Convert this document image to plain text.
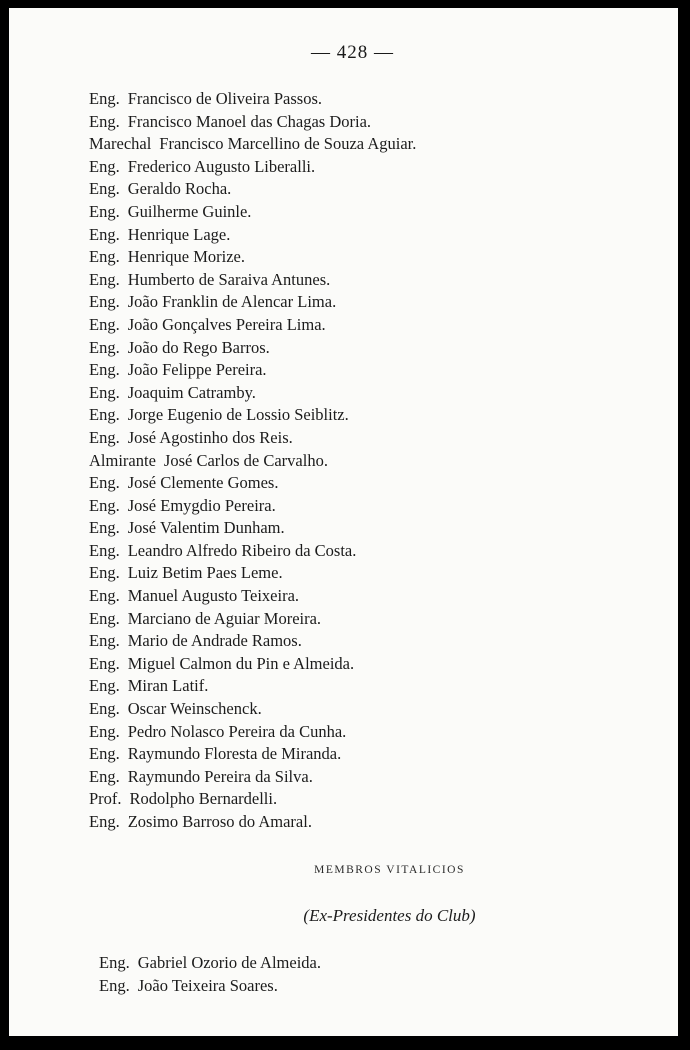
— 428 —
Eng. Francisco de Oliveira Passos.
Eng. Francisco Manoel das Chagas Doria.
Marechal Francisco Marcellino de Souza Aguiar.
Eng. Frederico Augusto Liberalli.
Eng. Geraldo Rocha.
Eng. Guilherme Guinle.
Eng. Henrique Lage.
Eng. Henrique Morize.
Eng. Humberto de Saraiva Antunes.
Eng. João Franklin de Alencar Lima.
Eng. João Gonçalves Pereira Lima.
Eng. João do Rego Barros.
Eng. João Felippe Pereira.
Eng. Joaquim Catramby.
Eng. Jorge Eugenio de Lossio Seiblitz.
Eng. José Agostinho dos Reis.
Almirante José Carlos de Carvalho.
Eng. José Clemente Gomes.
Eng. José Emygdio Pereira.
Eng. José Valentim Dunham.
Eng. Leandro Alfredo Ribeiro da Costa.
Eng. Luiz Betim Paes Leme.
Eng. Manuel Augusto Teixeira.
Eng. Marciano de Aguiar Moreira.
Eng. Mario de Andrade Ramos.
Eng. Miguel Calmon du Pin e Almeida.
Eng. Miran Latif.
Eng. Oscar Weinschenck.
Eng. Pedro Nolasco Pereira da Cunha.
Eng. Raymundo Floresta de Miranda.
Eng. Raymundo Pereira da Silva.
Prof. Rodolpho Bernardelli.
Eng. Zosimo Barroso do Amaral.
MEMBROS VITALICIOS
(Ex-Presidentes do Club)
Eng. Gabriel Ozorio de Almeida.
Eng. João Teixeira Soares.
